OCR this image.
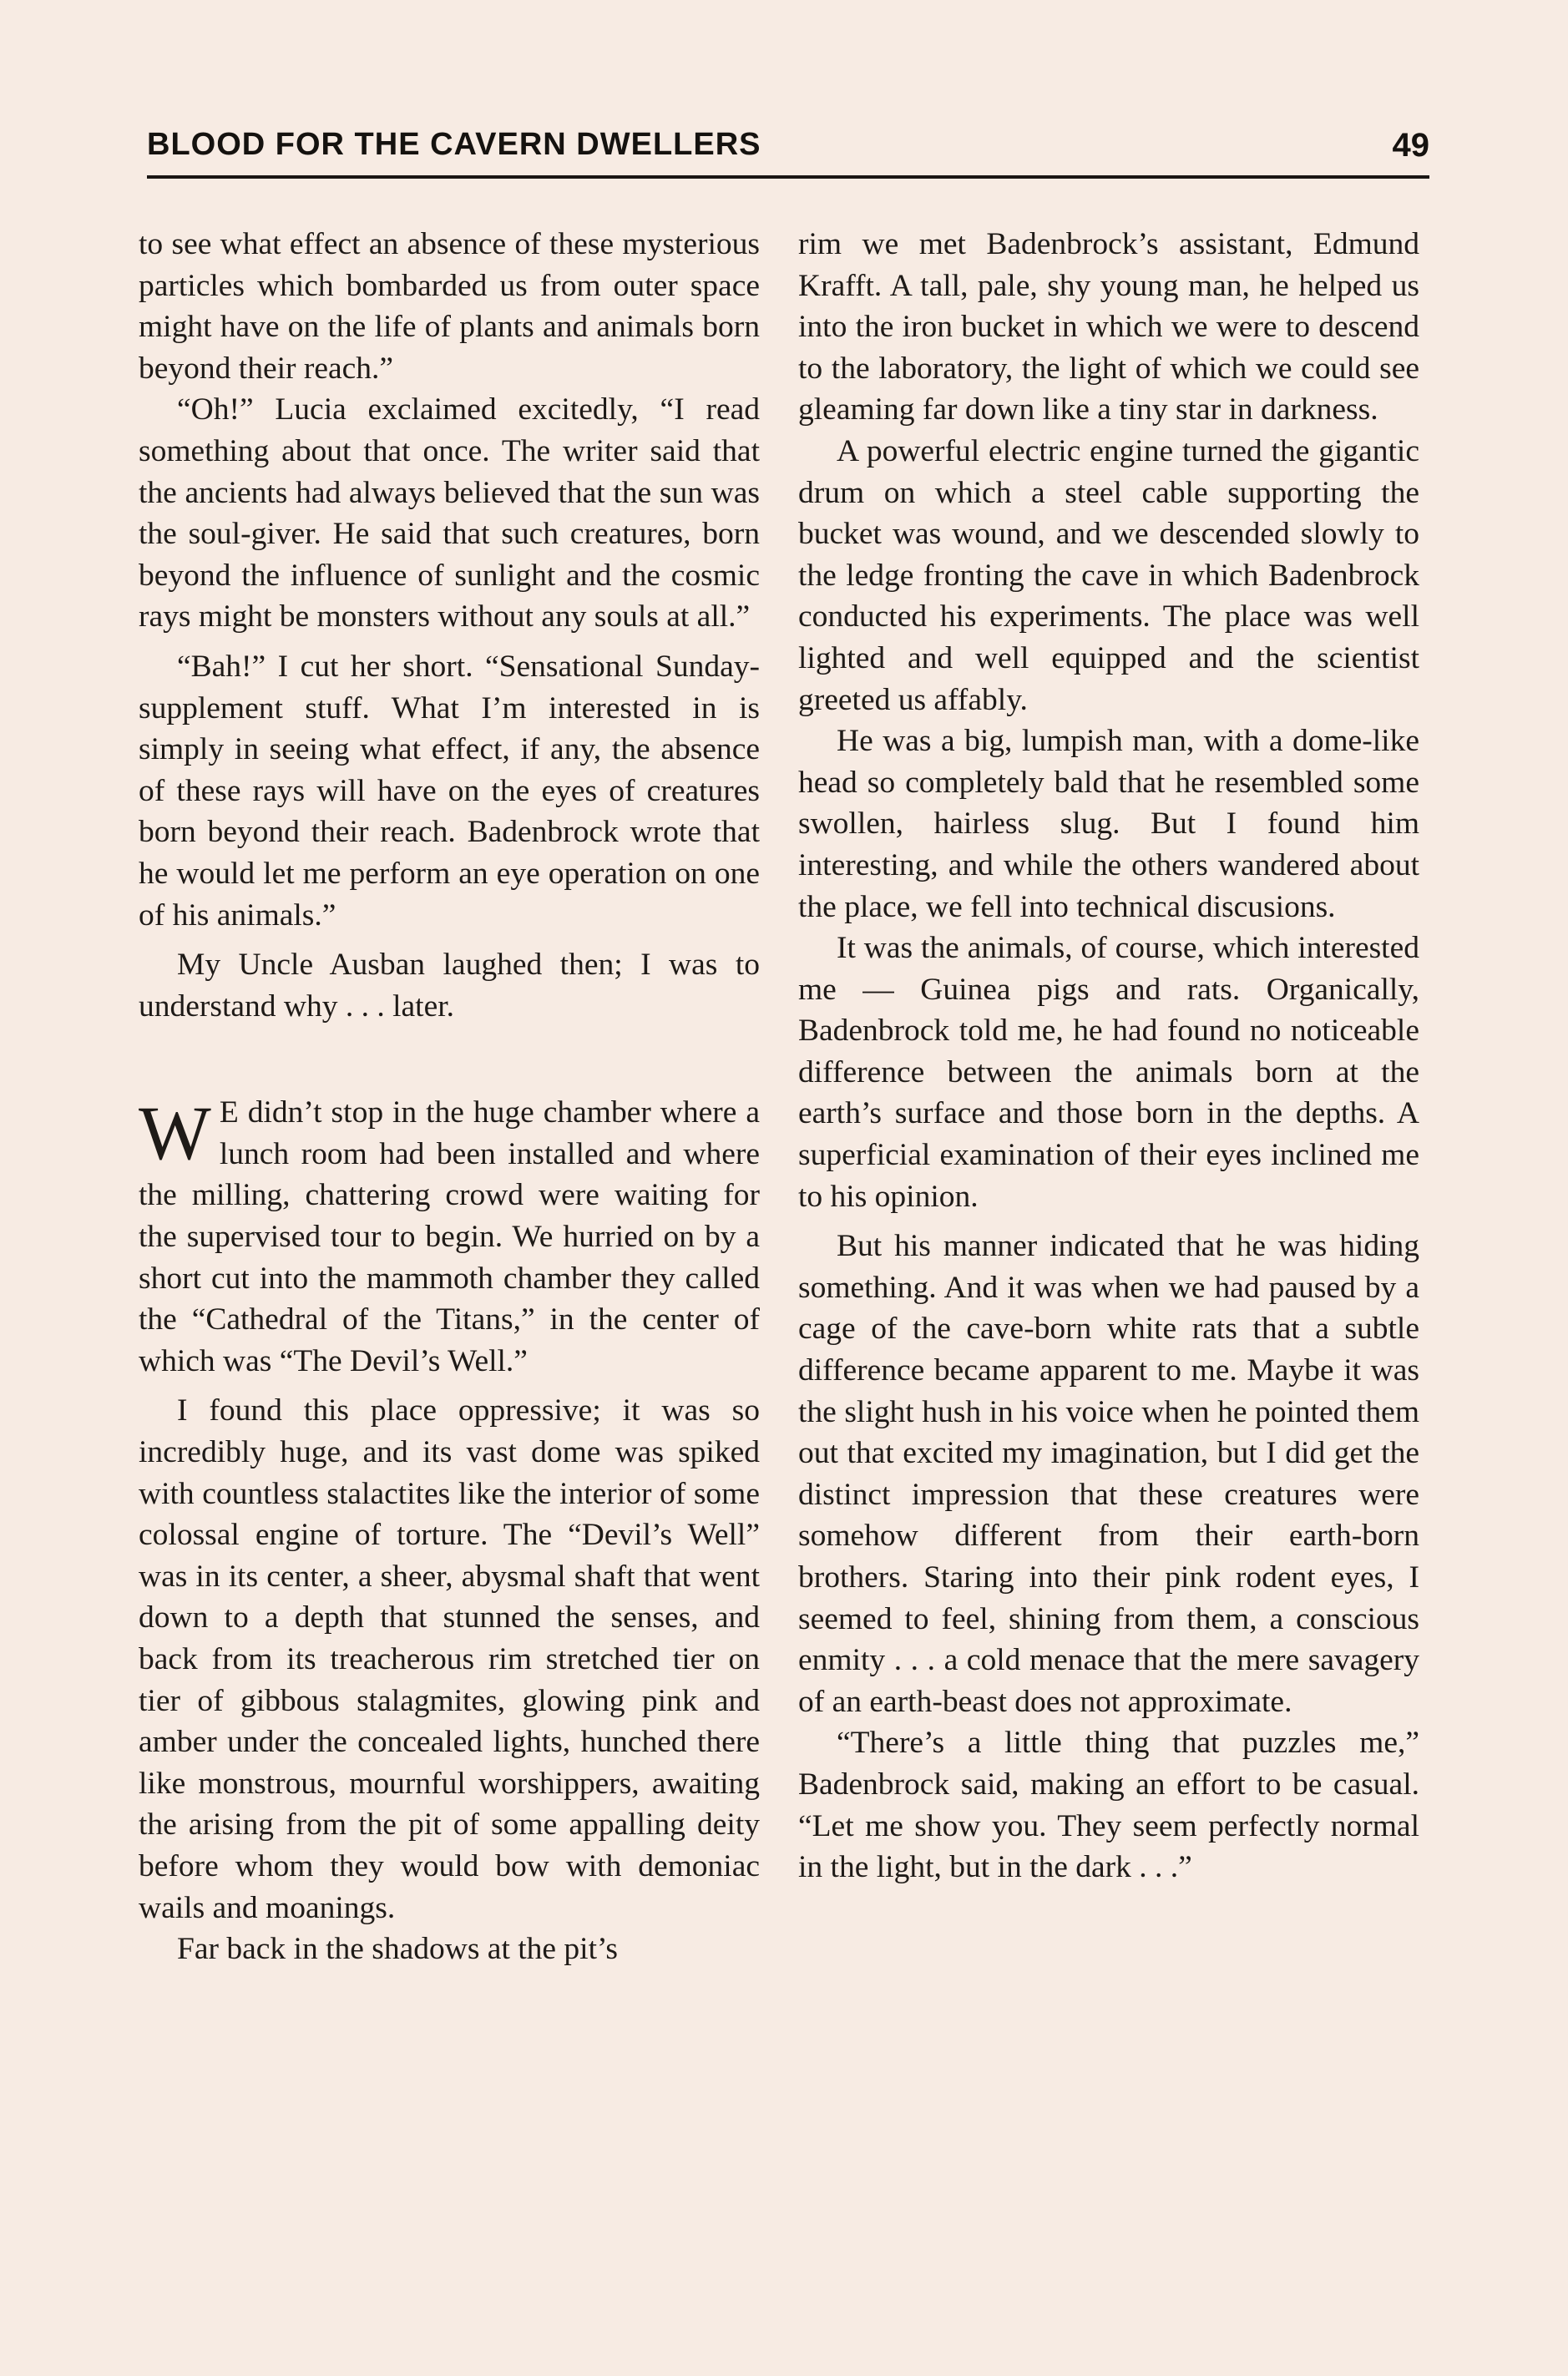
BLOOD FOR THE CAVERN DWELLERS	49

to see what effect an absence of these mysterious particles which bombarded us from outer space might have on the life of plants and animals born beyond their reach.”

“Oh!” Lucia exclaimed excitedly, “I read something about that once. The writer said that the ancients had always believed that the sun was the soul-giver. He said that such creatures, born beyond the influence of sunlight and the cosmic rays might be monsters without any souls at all.”

“Bah!” I cut her short. “Sensational Sunday-supplement stuff. What I’m interested in is simply in seeing what effect, if any, the absence of these rays will have on the eyes of creatures born beyond their reach. Badenbrock wrote that he would let me perform an eye operation on one of his animals.”

My Uncle Ausban laughed then; I was to understand why . . . later.

W E didn’t stop in the huge chamber where a lunch room had been installed and where the milling, chattering crowd were waiting for the supervised tour to begin. We hurried on by a short cut into the mammoth chamber they called the “Cathedral of the Titans,” in the center of which was “The Devil’s Well.”

I found this place oppressive; it was so incredibly huge, and its vast dome was spiked with countless stalactites like the interior of some colossal engine of torture. The “Devil’s Well” was in its center, a sheer, abysmal shaft that went down to a depth that stunned the senses, and back from its treacherous rim stretched tier on tier of gibbous stalagmites, glowing pink and amber under the concealed lights, hunched there like monstrous, mournful worshippers, awaiting the arising from the pit of some appalling deity before whom they would bow with demoniac wails and moanings.

Far back in the shadows at the pit’s

rim we met Badenbrock’s assistant, Edmund Krafft. A tall, pale, shy young man, he helped us into the iron bucket in which we were to descend to the laboratory, the light of which we could see gleaming far down like a tiny star in darkness.

A powerful electric engine turned the gigantic drum on which a steel cable supporting the bucket was wound, and we descended slowly to the ledge fronting the cave in which Badenbrock conducted his experiments. The place was well lighted and well equipped and the scientist greeted us affably.

He was a big, lumpish man, with a dome-like head so completely bald that he resembled some swollen, hairless slug. But I found him interesting, and while the others wandered about the place, we fell into technical discusions.

It was the animals, of course, which interested me — Guinea pigs and rats. Organically, Badenbrock told me, he had found no noticeable difference between the animals born at the earth’s surface and those born in the depths. A superficial examination of their eyes inclined me to his opinion.

But his manner indicated that he was hiding something. And it was when we had paused by a cage of the cave-born white rats that a subtle difference became apparent to me. Maybe it was the slight hush in his voice when he pointed them out that excited my imagination, but I did get the distinct impression that these creatures were somehow different from their earth-born brothers. Staring into their pink rodent eyes, I seemed to feel, shining from them, a conscious enmity . . . a cold menace that the mere savagery of an earth-beast does not approximate.

“There’s a little thing that puzzles me,” Badenbrock said, making an effort to be casual. “Let me show you. They seem perfectly normal in the light, but in the dark . . .”
